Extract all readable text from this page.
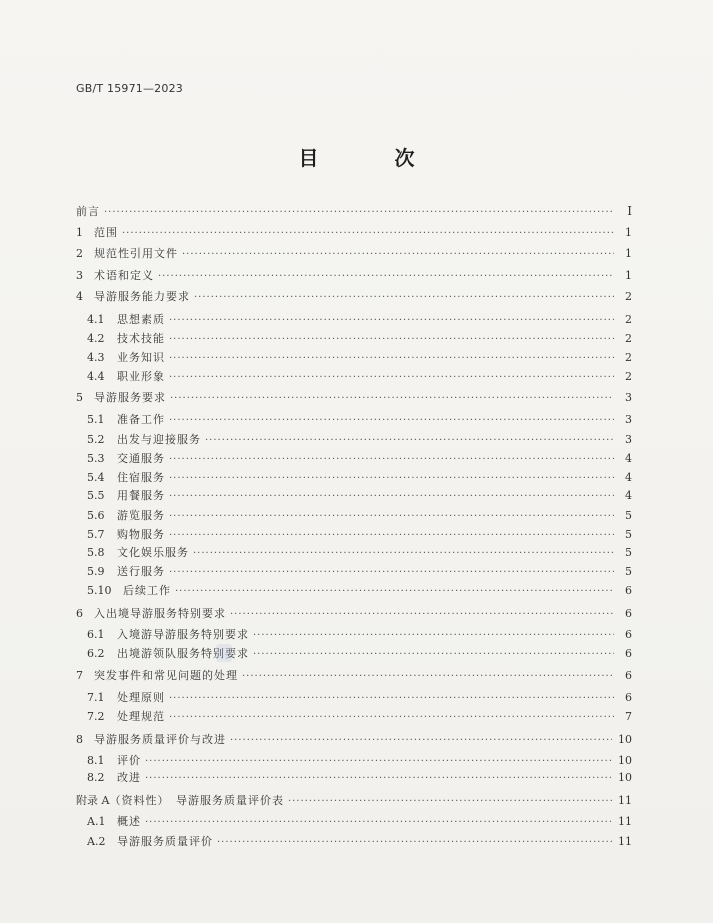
GB/T 15971—2023
目　次
前言 ·····	I
1	范围 ·····	1
2	规范性引用文件 ·····	1
3	术语和定义 ·····	1
4	导游服务能力要求 ·····	2
4.1	思想素质 ·····	2
4.2	技术技能 ·····	2
4.3	业务知识 ·····	2
4.4	职业形象 ·····	2
5	导游服务要求 ·····	3
5.1	准备工作 ·····	3
5.2	出发与迎接服务 ·····	3
5.3	交通服务 ·····	4
5.4	住宿服务 ·····	4
5.5	用餐服务 ·····	4
5.6	游览服务 ·····	5
5.7	购物服务 ·····	5
5.8	文化娱乐服务 ·····	5
5.9	送行服务 ·····	5
5.10	后续工作 ·····	6
6	入出境导游服务特别要求 ·····	6
6.1	入境游导游服务特别要求 ·····	6
6.2	出境游领队服务特别要求 ·····	6
7	突发事件和常见问题的处理 ·····	6
7.1	处理原则 ·····	6
7.2	处理规范 ·····	7
8	导游服务质量评价与改进 ·····	10
8.1	评价 ·····	10
8.2	改进 ·····	10
附录 A （资料性）　导游服务质量评价表 ·····	11
A.1	概述 ·····	11
A.2	导游服务质量评价 ·····	11
